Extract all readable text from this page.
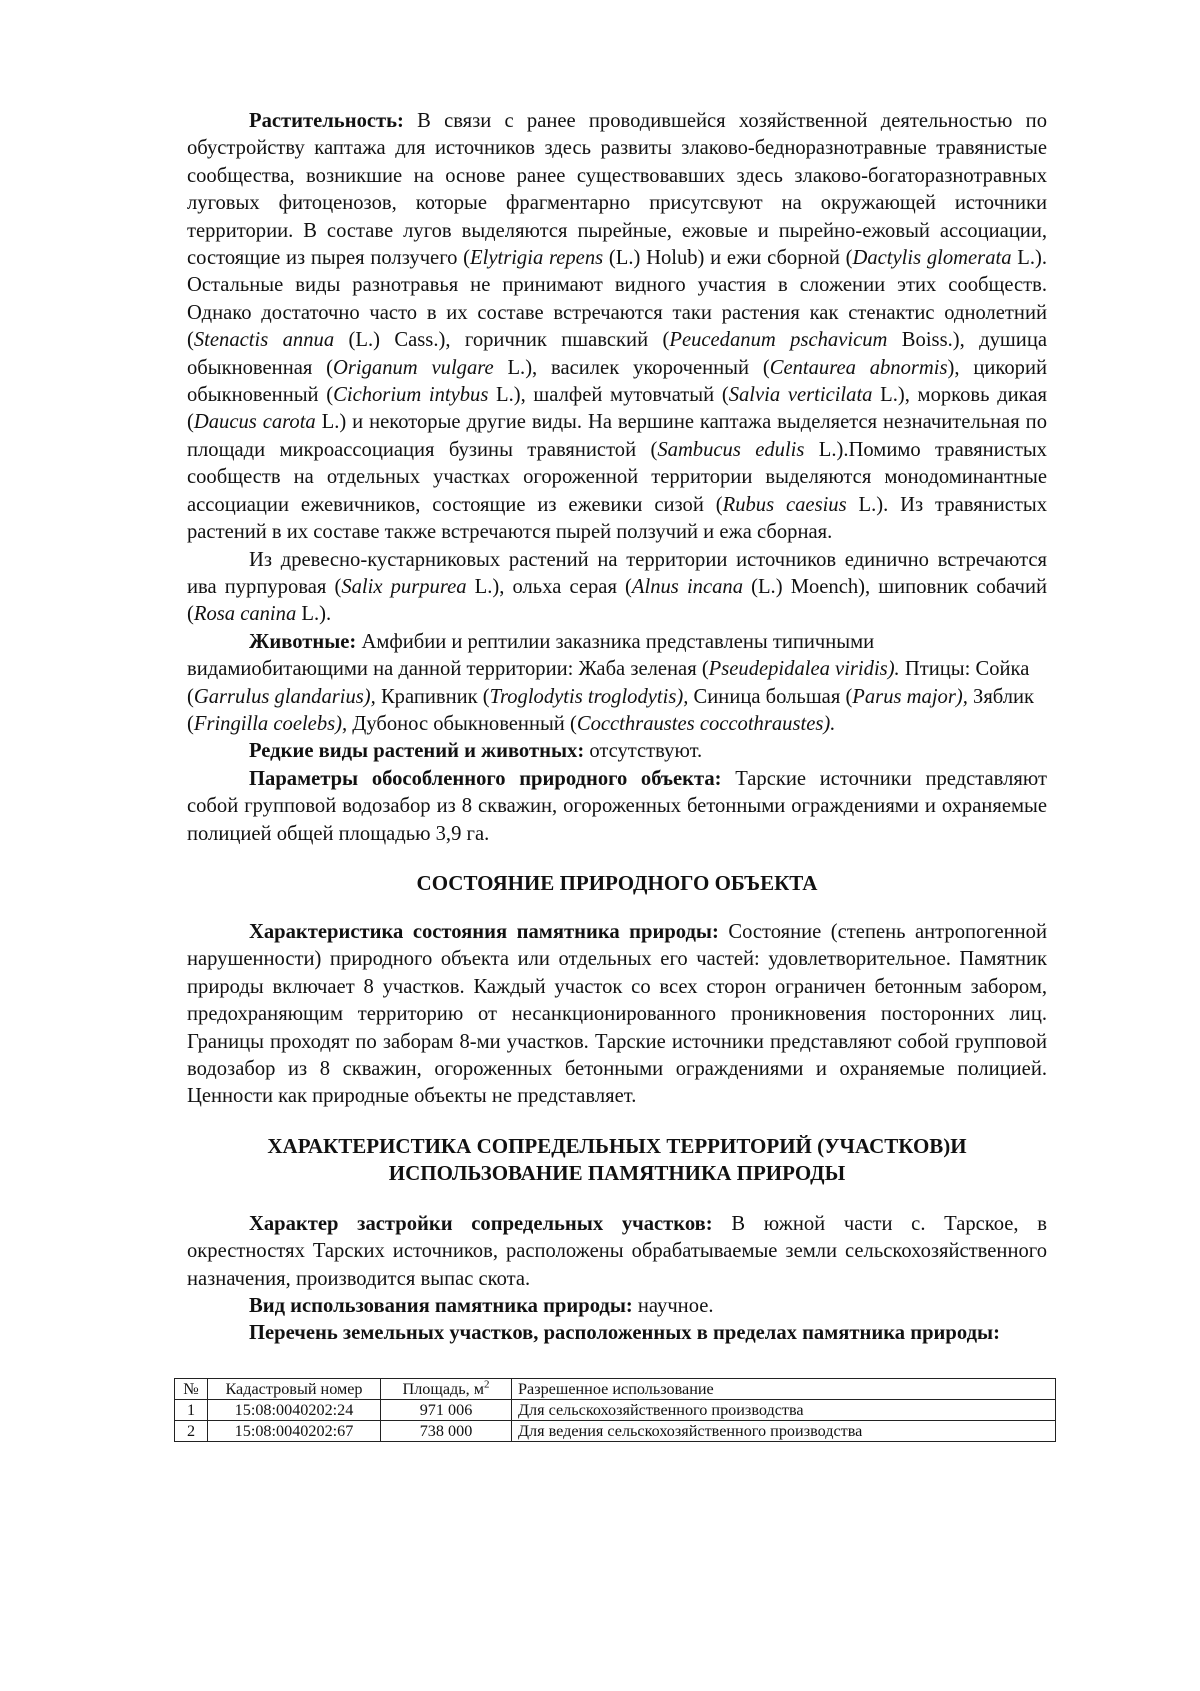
Растительность: В связи с ранее проводившейся хозяйственной деятельностью по обустройству каптажа для источников здесь развиты злаково-бедноразнотравные травянистые сообщества, возникшие на основе ранее существовавших здесь злаково-богаторазнотравных луговых фитоценозов, которые фрагментарно присутсвуют на окружающей источники территории. В составе лугов выделяются пырейные, ежовые и пырейно-ежовый ассоциации, состоящие из пырея ползучего (Elytrigia repens (L.) Holub) и ежи сборной (Dactylis glomerata L.). Остальные виды разнотравья не принимают видного участия в сложении этих сообществ. Однако достаточно часто в их составе встречаются таки растения как стенактис однолетний (Stenactis annua (L.) Cass.), горичник пшавский (Peucedanum pschavicum Boiss.), душица обыкновенная (Origanum vulgare L.), василек укороченный (Centaurea abnormis), цикорий обыкновенный (Cichorium intybus L.), шалфей мутовчатый (Salvia verticilata L.), морковь дикая (Daucus carota L.) и некоторые другие виды. На вершине каптажа выделяется незначительная по площади микроассоциация бузины травянистой (Sambucus edulis L.).Помимо травянистых сообществ на отдельных участках огороженной территории выделяются монодоминантные ассоциации ежевичников, состоящие из ежевики сизой (Rubus caesius L.). Из травянистых растений в их составе также встречаются пырей ползучий и ежа сборная.

Из древесно-кустарниковых растений на территории источников единично встречаются ива пурпуровая (Salix purpurea L.), ольха серая (Alnus incana (L.) Moench), шиповник собачий (Rosa canina L.).

Животные: Амфибии и рептилии заказника представлены типичными видамиобитающими на данной территории: Жаба зеленая (Pseudepidalea viridis). Птицы: Сойка (Garrulus glandarius), Крапивник (Troglodytis troglodytis), Синица большая (Parus major), Зяблик (Fringilla coelebs), Дубонос обыкновенный (Coccthraustes coccothraustes).

Редкие виды растений и животных: отсутствуют.

Параметры обособленного природного объекта: Тарские источники представляют собой групповой водозабор из 8 скважин, огороженных бетонными ограждениями и охраняемые полицией общей площадью 3,9 га.

СОСТОЯНИЕ ПРИРОДНОГО ОБЪЕКТА

Характеристика состояния памятника природы: Состояние (степень антропогенной нарушенности) природного объекта или отдельных его частей: удовлетворительное. Памятник природы включает 8 участков. Каждый участок со всех сторон ограничен бетонным забором, предохраняющим территорию от несанкционированного проникновения посторонних лиц. Границы проходят по заборам 8-ми участков. Тарские источники представляют собой групповой водозабор из 8 скважин, огороженных бетонными ограждениями и охраняемые полицией. Ценности как природные объекты не представляет.

ХАРАКТЕРИСТИКА СОПРЕДЕЛЬНЫХ ТЕРРИТОРИЙ (УЧАСТКОВ)И
ИСПОЛЬЗОВАНИЕ ПАМЯТНИКА ПРИРОДЫ

Характер застройки сопредельных участков: В южной части с. Тарское, в окрестностях Тарских источников, расположены обрабатываемые земли сельскохозяйственного назначения, производится выпас скота.

Вид использования памятника природы: научное.

Перечень земельных участков, расположенных в пределах памятника природы:

№	Кадастровый номер	Площадь, $м^2$	Разрешенное использование
1	15:08:0040202:24	971 006	Для сельскохозяйственного производства
2	15:08:0040202:67	738 000	Для ведения сельскохозяйственного производства
